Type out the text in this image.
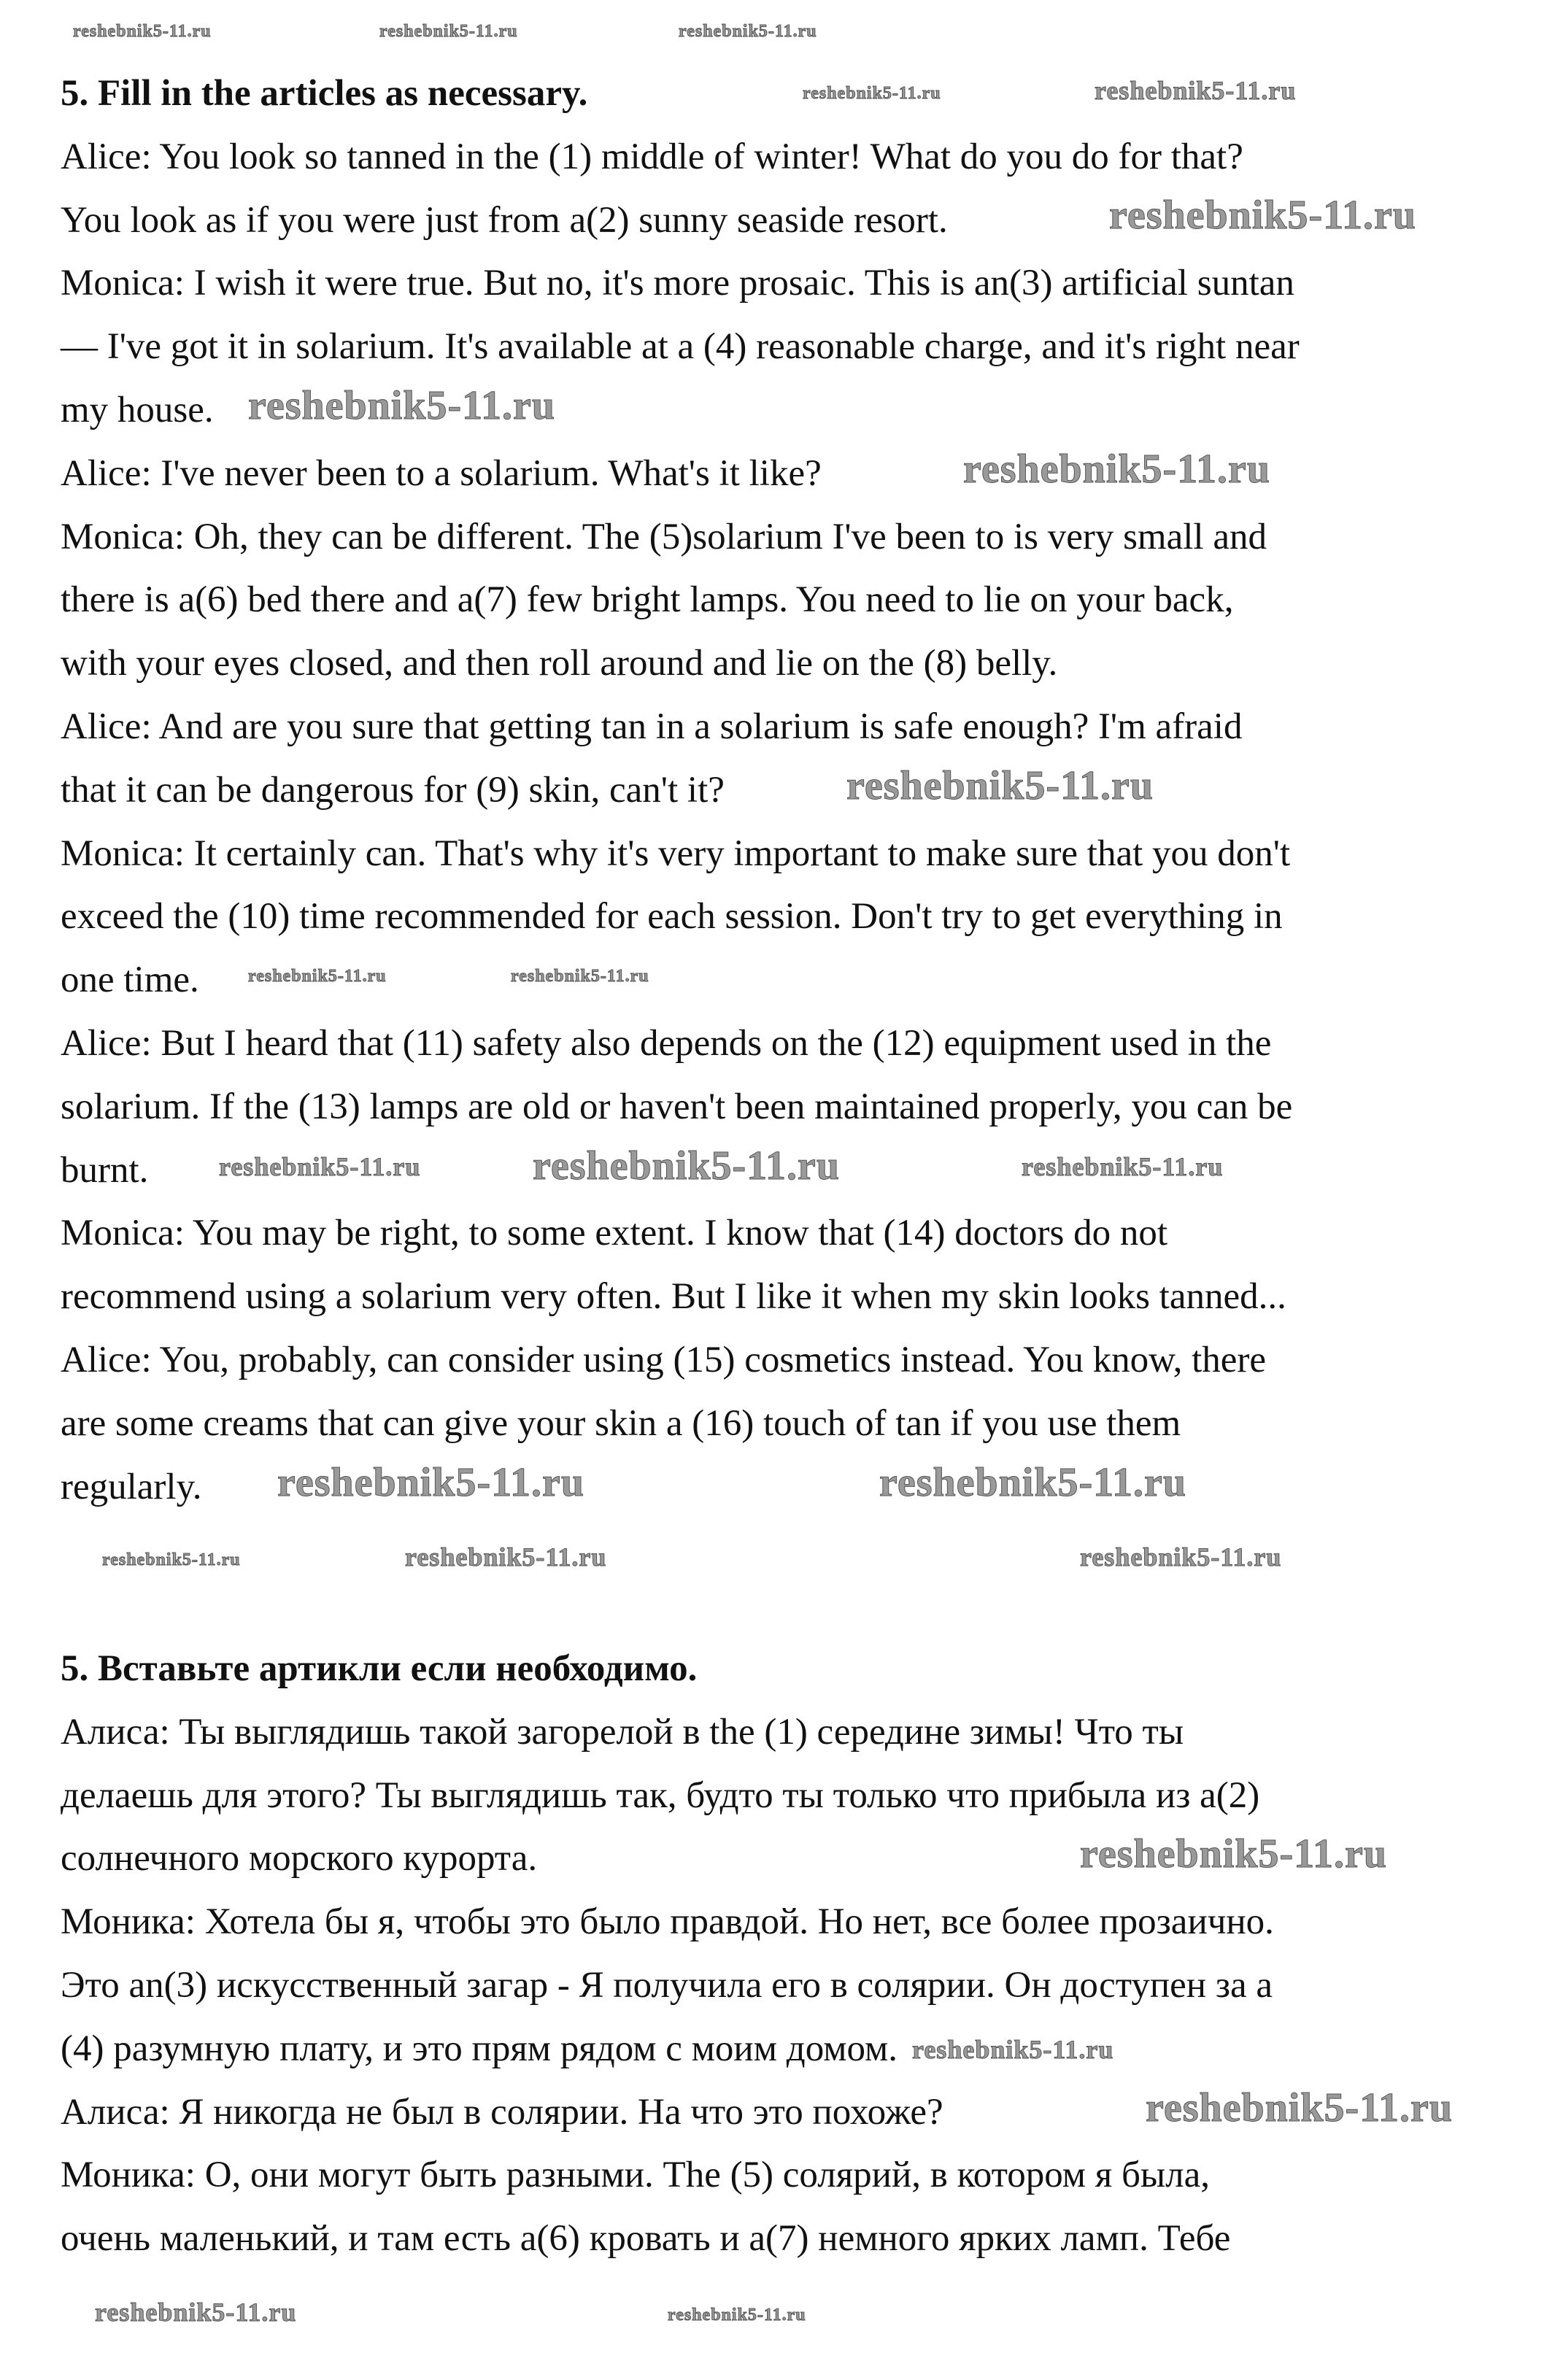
5. Fill in the articles as necessary.
Alice: You look so tanned in the (1) middle of winter! What do you do for that?
You look as if you were just from a(2) sunny seaside resort.
Monica: I wish it were true. But no, it's more prosaic. This is an(3) artificial suntan
— I've got it in solarium. It's available at a (4) reasonable charge, and it's right near
my house.
Alice: I've never been to a solarium. What's it like?
Monica: Oh, they can be different. The (5)solarium I've been to is very small and
there is a(6) bed there and a(7) few bright lamps. You need to lie on your back,
with your eyes closed, and then roll around and lie on the (8) belly.
Alice: And are you sure that getting tan in a solarium is safe enough? I'm afraid
that it can be dangerous for (9) skin, can't it?
Monica: It certainly can. That's why it's very important to make sure that you don't
exceed the (10) time recommended for each session. Don't try to get everything in
one time.
Alice: But I heard that (11) safety also depends on the (12) equipment used in the
solarium. If the (13) lamps are old or haven't been maintained properly, you can be
burnt.
Monica: You may be right, to some extent. I know that (14) doctors do not
recommend using a solarium very often. But I like it when my skin looks tanned...
Alice: You, probably, can consider using (15) cosmetics instead. You know, there
are some creams that can give your skin a (16) touch of tan if you use them
regularly.
5. Вставьте артикли если необходимо.
Алиса: Ты выглядишь такой загорелой в the (1) середине зимы! Что ты
делаешь для этого? Ты выглядишь так, будто ты только что прибыла из a(2)
солнечного морского курорта.
Моника: Хотела бы я, чтобы это было правдой. Но нет, все более прозаично.
Это an(3) искусственный загар - Я получила его в солярии. Он доступен за a
(4) разумную плату, и это прям рядом с моим домом.
Алиса: Я никогда не был в солярии. На что это похоже?
Моника: О, они могут быть разными. The (5) солярий, в котором я была,
очень маленький, и там есть a(6) кровать и a(7) немного ярких ламп. Тебе
reshebnik5-11.ru	reshebnik5-11.ru	reshebnik5-11.ru
reshebnik5-11.ru	reshebnik5-11.ru
reshebnik5-11.ru
reshebnik5-11.ru
reshebnik5-11.ru
reshebnik5-11.ru
reshebnik5-11.ru	reshebnik5-11.ru
reshebnik5-11.ru	reshebnik5-11.ru	reshebnik5-11.ru
reshebnik5-11.ru	reshebnik5-11.ru
reshebnik5-11.ru	reshebnik5-11.ru	reshebnik5-11.ru
reshebnik5-11.ru
reshebnik5-11.ru
reshebnik5-11.ru
reshebnik5-11.ru	reshebnik5-11.ru
